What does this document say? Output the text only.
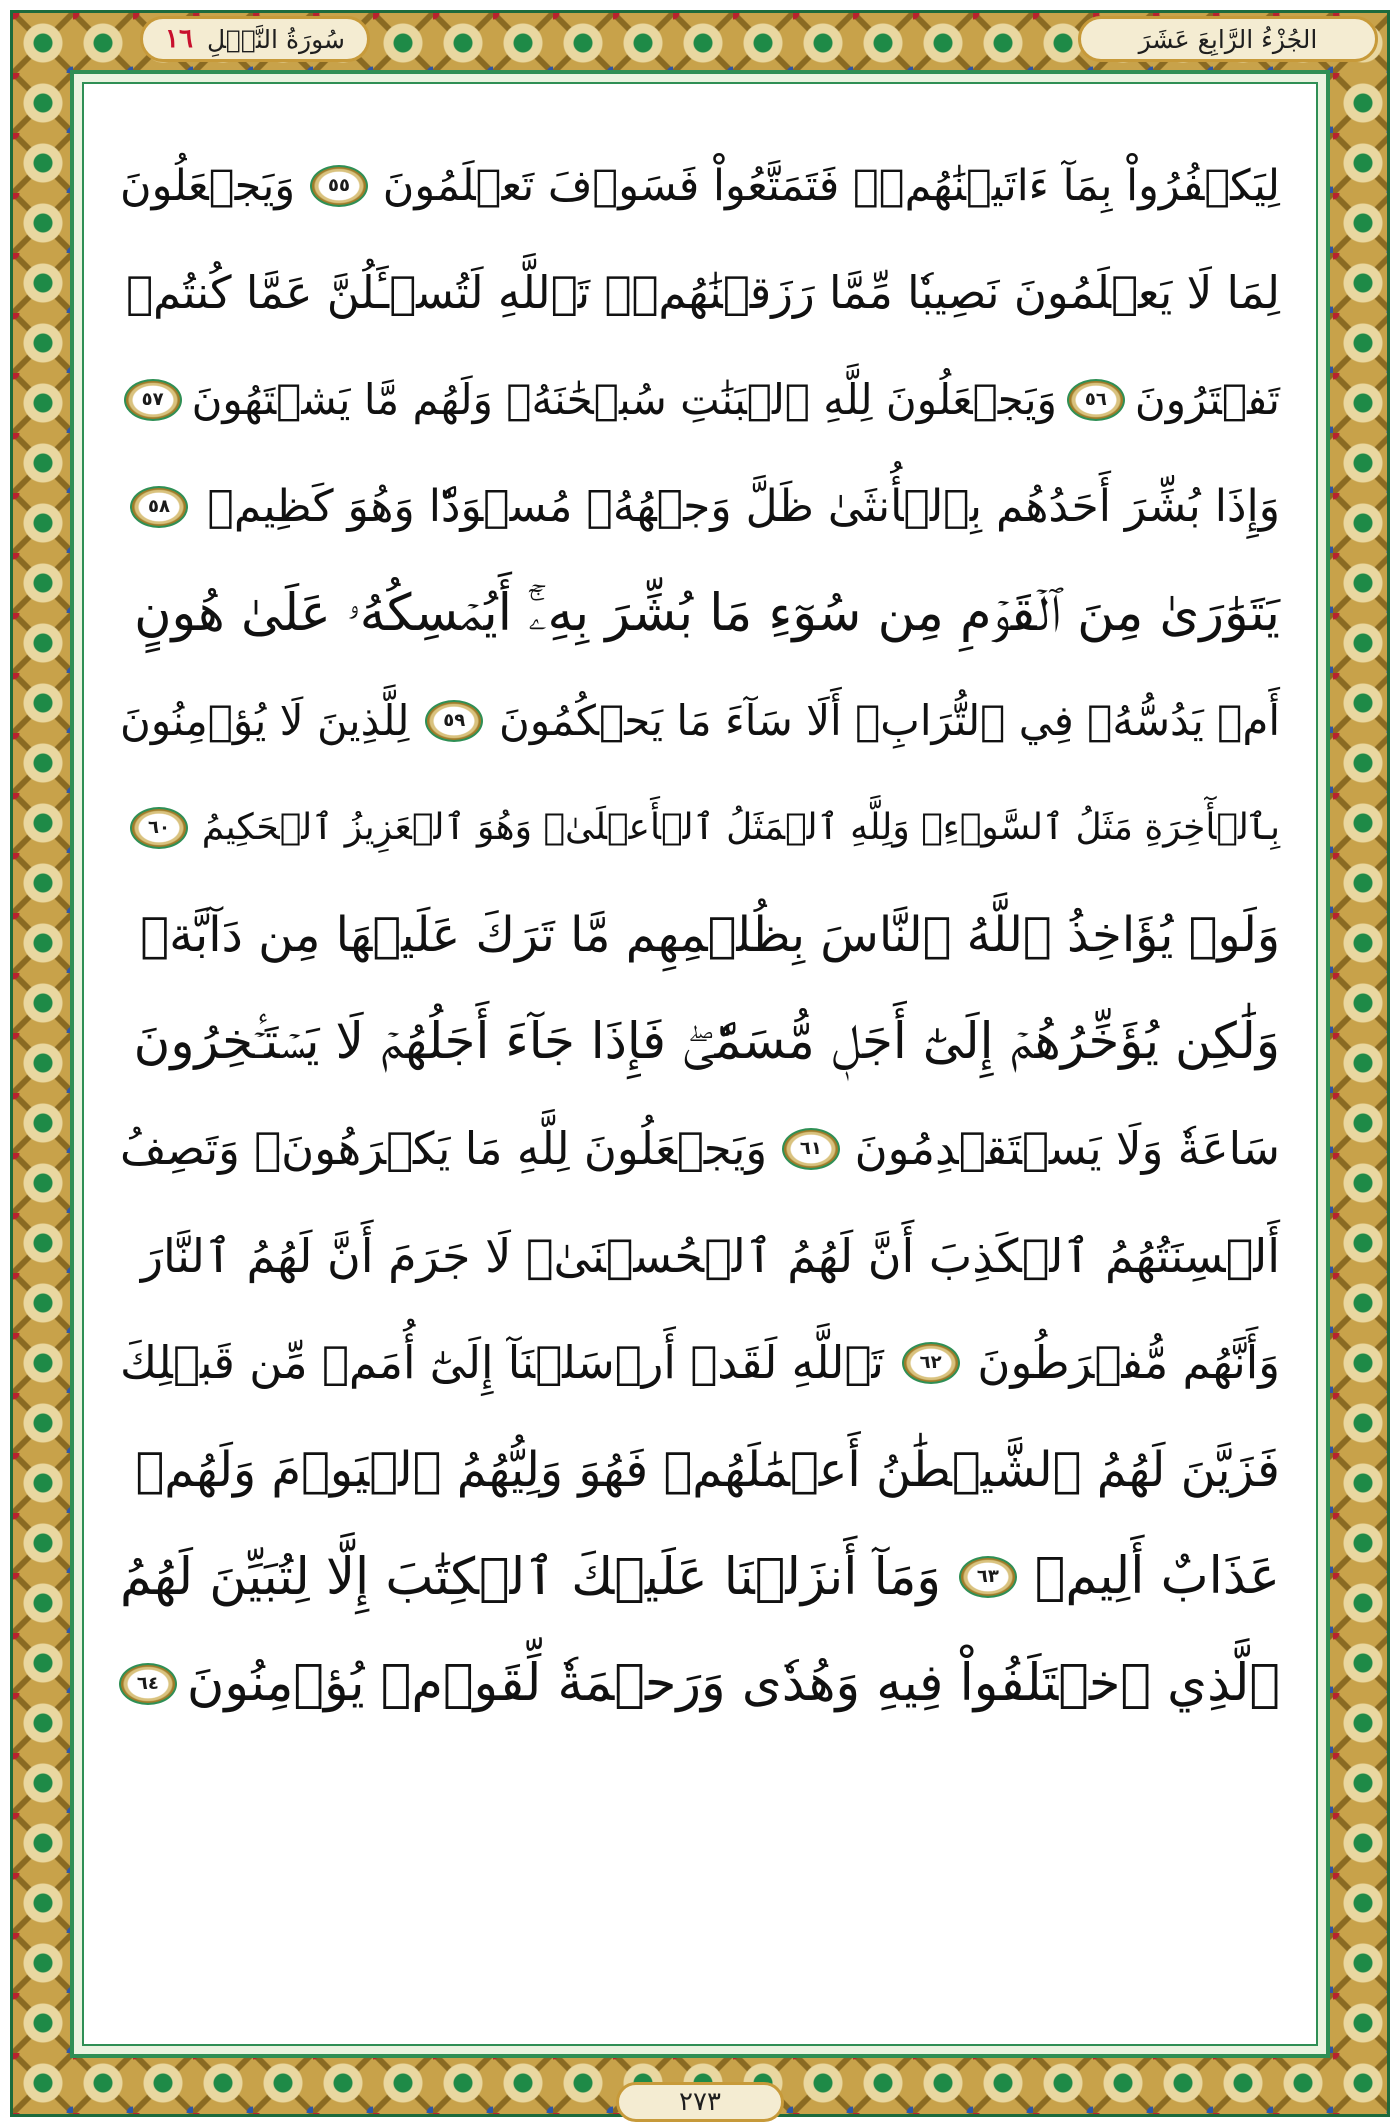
الجُزْءُ الرَّابِعَ عَشَرَ
سُورَةُ النَّحۡلِ
١٦
لِيَكۡفُرُواْ بِمَآ ءَاتَيۡنَٰهُمۡۚ فَتَمَتَّعُواْ فَسَوۡفَ تَعۡلَمُونَ
٥٥
وَيَجۡعَلُونَ
لِمَا لَا يَعۡلَمُونَ نَصِيبٗا مِّمَّا رَزَقۡنَٰهُمۡۗ تَٱللَّهِ لَتُسۡـَٔلُنَّ عَمَّا كُنتُمۡ
تَفۡتَرُونَ
٥٦
وَيَجۡعَلُونَ لِلَّهِ ٱلۡبَنَٰتِ سُبۡحَٰنَهُۥ وَلَهُم مَّا يَشۡتَهُونَ
٥٧
وَإِذَا بُشِّرَ أَحَدُهُم بِٱلۡأُنثَىٰ ظَلَّ وَجۡهُهُۥ مُسۡوَدّٗا وَهُوَ كَظِيمٞ
٥٨
يَتَوَٰرَىٰ مِنَ ٱلۡقَوۡمِ مِن سُوٓءِ مَا بُشِّرَ بِهِۦٓۚ أَيُمۡسِكُهُۥ عَلَىٰ هُونٍ
أَمۡ يَدُسُّهُۥ فِي ٱلتُّرَابِۗ أَلَا سَآءَ مَا يَحۡكُمُونَ
٥٩
لِلَّذِينَ لَا يُؤۡمِنُونَ
بِٱلۡأٓخِرَةِ مَثَلُ ٱلسَّوۡءِۖ وَلِلَّهِ ٱلۡمَثَلُ ٱلۡأَعۡلَىٰۚ وَهُوَ ٱلۡعَزِيزُ ٱلۡحَكِيمُ
٦٠
وَلَوۡ يُؤَاخِذُ ٱللَّهُ ٱلنَّاسَ بِظُلۡمِهِم مَّا تَرَكَ عَلَيۡهَا مِن دَآبَّةٖ
وَلَٰكِن يُؤَخِّرُهُمۡ إِلَىٰٓ أَجَلٖ مُّسَمّٗىۖ فَإِذَا جَآءَ أَجَلُهُمۡ لَا يَسۡتَـٔۡخِرُونَ
سَاعَةٗ وَلَا يَسۡتَقۡدِمُونَ
٦١
وَيَجۡعَلُونَ لِلَّهِ مَا يَكۡرَهُونَۚ وَتَصِفُ
أَلۡسِنَتُهُمُ ٱلۡكَذِبَ أَنَّ لَهُمُ ٱلۡحُسۡنَىٰۖ لَا جَرَمَ أَنَّ لَهُمُ ٱلنَّارَ
وَأَنَّهُم مُّفۡرَطُونَ
٦٢
تَٱللَّهِ لَقَدۡ أَرۡسَلۡنَآ إِلَىٰٓ أُمَمٖ مِّن قَبۡلِكَ
فَزَيَّنَ لَهُمُ ٱلشَّيۡطَٰنُ أَعۡمَٰلَهُمۡ فَهُوَ وَلِيُّهُمُ ٱلۡيَوۡمَ وَلَهُمۡ
عَذَابٌ أَلِيمٞ
٦٣
وَمَآ أَنزَلۡنَا عَلَيۡكَ ٱلۡكِتَٰبَ إِلَّا لِتُبَيِّنَ لَهُمُ
ٱلَّذِي ٱخۡتَلَفُواْ فِيهِ وَهُدٗى وَرَحۡمَةٗ لِّقَوۡمٖ يُؤۡمِنُونَ
٦٤
٢٧٣
